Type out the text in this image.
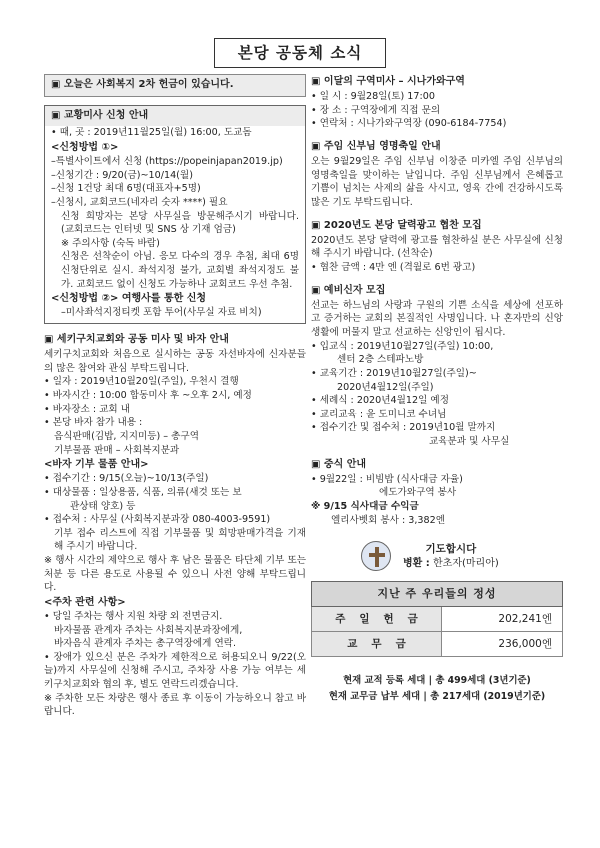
본당 공동체 소식
▣ 오늘은 사회복지 2차 헌금이 있습니다.
▣ 교황미사 신청 안내
• 때, 곳 : 2019년11월25일(월) 16:00, 도교돔
<신청방법 ①>
–특별사이트에서 신청 (https://popeinjapan2019.jp)
–신청기간 : 9/20(금)~10/14(월)
–신청 1건당 최대 6명(대표자+5명)
–신청시, 교회코드(네자리 숫자 ****) 필요
신청 희망자는 본당 사무실을 방문해주시기 바랍니다. (교회코드는 인터넷 및 SNS 상 기재 엄금)
※ 주의사항 (숙독 바람)
신청은 선착순이 아님. 응모 다수의 경우 추첨, 최대 6명 신청단위로 실시. 좌석지정 불가, 교회별 좌석지정도 불가. 교회코드 없이 신청도 가능하나 교회코드 우선 추첨.
<신청방법 ②> 여행사를 통한 신청
–미사좌석지정티켓 포함 투어(사무실 자료 비치)
▣ 세키구치교회와 공동 미사 및 바자 안내
세키구치교회와 처음으로 실시하는 공동 자선바자에 신자분들의 많은 참여와 관심 부탁드립니다.
• 일자 : 2019년10월20일(주일), 우천시 결행
• 바자시간 : 10:00 합동미사 후 ~오후 2시, 예정
• 바자장소 : 교회 내
• 본당 바자 참가 내용 :
음식판매(김밥, 지지미등) – 총구역
기부물품 판매 – 사회복지분과
<바자 기부 물품 안내>
• 접수기간 : 9/15(오늘)~10/13(주일)
• 대상물품 : 일상용품, 식품, 의류(새것 또는 보
관상태 양호) 등
• 접수처 : 사무실 (사회복지분과장 080-4003-9591)
기부 접수 리스트에 직접 기부물품 및 희망판매가격을 기재해 주시기 바랍니다.
※ 행사 시간의 제약으로 행사 후 남은 물품은 타단체 기부 또는 처분 등 다른 용도로 사용될 수 있으니 사전 양해 부탁드립니다.
<주차 관련 사항>
• 당일 주차는 행사 지원 차량 외 전면금지.
바자물품 관계자 주차는 사회복지분과장에게,
바자음식 관계자 주차는 총구역장에게 연락.
• 장애가 있으신 분은 주차가 제한적으로 허용되오니 9/22(오늘)까지 사무실에 신청해 주시고, 주차장 사용 가능 여부는 세키구치교회와 협의 후, 별도 연락드리겠습니다.
※ 주차한 모든 차량은 행사 종료 후 이동이 가능하오니 참고 바랍니다.
▣ 이달의 구역미사 – 시나가와구역
• 일 시 : 9월28일(토) 17:00
• 장 소 : 구역장에게 직접 문의
• 연락처 : 시나가와구역장 (090-6184-7754)
▣ 주임 신부님 영명축일 안내
오는 9월29일은 주임 신부님 이창준 미카엘 주임 신부님의 영명축일을 맞이하는 날입니다. 주임 신부님께서 은혜롭고 기쁨이 넘치는 사제의 삶을 사시고, 영육 간에 건강하시도록 많은 기도 부탁드립니다.
▣ 2020년도 본당 달력광고 협찬 모집
2020년도 본당 달력에 광고를 협찬하실 분은 사무실에 신청해 주시기 바랍니다. (선착순)
• 협찬 금액 : 4만 엔 (격월로 6번 광고)
▣ 예비신자 모집
선교는 하느님의 사랑과 구원의 기쁜 소식을 세상에 선포하고 증거하는 교회의 본질적인 사명입니다. 나 혼자만의 신앙생활에 머물지 말고 선교하는 신앙인이 됩시다.
• 입교식 : 2019년10월27일(주일) 10:00,
센터 2층 스테파노방
• 교육기간 : 2019년10월27일(주일)~
2020년4월12일(주일)
• 세례식 : 2020년4월12일 예정
• 교리교육 : 윤 도미니코 수녀님
• 접수기간 및 접수처 : 2019년10월 말까지
교육분과 및 사무실
▣ 중식 안내
• 9월22일 : 비빔밥 (식사대금 자율)
에도가와구역 봉사
※ 9/15 식사대금 수익금
엘리사벳회 봉사 : 3,382엔
기도합시다
병환 : 한초자(마리아)
지난 주 우리들의 정성	
주일헌금	202,241엔
교무금	236,000엔
현재 교적 등록 세대 | 총 499세대 (3년기준)
현재 교무금 납부 세대 | 총 217세대 (2019년기준)
